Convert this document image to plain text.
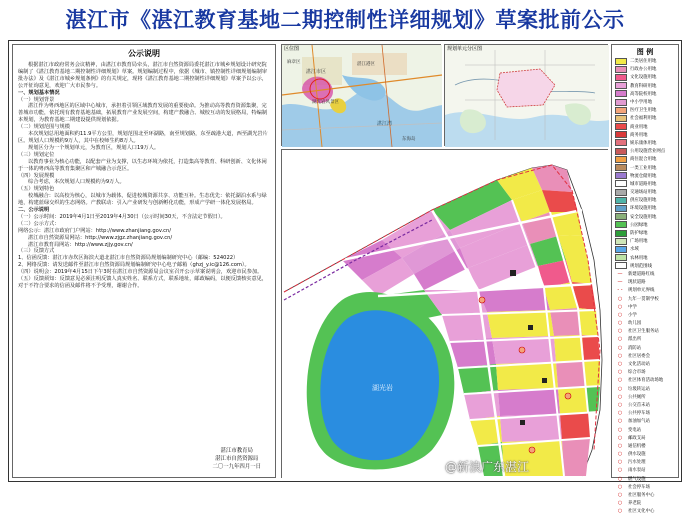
湛江市《湛江教育基地二期控制性详细规划》草案批前公示
公示说明
根据湛江市政府常务会议精神，由湛江市教育局牵头，湛江市自然资源局委托湛江市城乡规划设计研究院编制了《湛江教育基地二期控制性详细规划》草案。规划编制过程中，依据《城市、镇控制性详细规划编制审批办法》及《湛江市城乡规划条例》的有关规定，现将《湛江教育基地二期控制性详细规划》草案予以公示，公开征询意见，欢迎广大市民参与。
一、规划基本情况
（一）规划背景
湛江作为粤西地区的区域中心城市，承担着引领区域教育发展的重要使命。为推动高等教育资源集聚，完善城市功能，依托现有教育基地基础，拓展教育产业发展空间，构建产教融合、城校互动的发展格局，特编制本规划，为教育基地二期建设提供规划依据。
（二）规划范围与规模
本次规划总用地面积约11.9平方公里，规划范围北至环湖路，南至规划路，东至疏港大道，西至湖光岩片区。规划人口规模约9万人，其中在校师生约8万人。
规划区分为一个规划单元，为教育区，规划人口19万人。
（三）规划定位
以教育事业为核心功能，以配套产业为支撑，以生态环境为依托，打造集高等教育、科研创新、文化休闲于一体的粤西高等教育集聚区和产城融合示范区。
（四）发展规模
综合考虑，本次规划人口规模约为9万人。
（五）规划特色
校城融合：以高校为核心，以城市为载体，促进校城资源共享、功能互补。生态优先：依托湖泊水系与绿地，构建蓝绿交织的生态网络。产教联动：引入产业研发与创新孵化功能，形成产学研一体化发展格局。
二、公示说明
（一）公示时间：2019年4月1日至2019年4月30日（公示时间30天，不含法定节假日）。
（二）公示方式：
网络公示：湛江市政府门户网站：http://www.zhanjiang.gov.cn/
湛江市自然资源局网站：http://www.zjgz.zhanjiang.gov.cn/
湛江市教育局网站：http://www.zjjy.gov.cn/
（三）反馈方式
1、信函反馈：湛江市赤坎区海滨大道北湛江市自然资源局规划编制研究中心（邮编：524022）
2、网络反馈：请发送邮件至湛江市自然资源局规划编制研究中心电子邮箱（ghzj_y.ic@126.com）。
（四）说明会：2019年4月15日下午3时在湛江市自然资源局会议室召开公示草案说明会，欢迎市民参加。
（五）反馈须知：反馈意见必须注明反馈人真实姓名、联系方式，联系地址，邮政编码，以便反馈核实意见，对于不符合要求的信函及邮件将不予受理，谢谢合作。
湛江市教育局
湛江市自然资源局
二〇一九年四月一日
湛江市区
湖光岩风景区
湛江湾
湛江港区
麻章区
东海岛
区位图	规划单元分区图
湖光岩
图 例
二类居住用地
行政办公用地
文化设施用地
教育科研用地
高等院校用地
中小学用地
医疗卫生用地
社会福利用地
商业用地
商务用地
娱乐康体用地
公用设施营业网点
商住混合用地
一类工业用地
物流仓储用地
城市道路用地
交通场站用地
供应设施用地
环境设施用地
安全设施用地
公园绿地
防护绿地
广场用地
水域
农林用地
规划范围线
—	新建道路红线
—	现状道路
- -	规划单元界线
○	九年一贯制学校
○	中学
○	小学
○	幼儿园
○	社区卫生服务站
○	派出所
○	消防站
○	社区居委会
○	文化活动站
○	综合市场
○	社区体育活动场地
○	垃圾转运站
○	公共厕所
○	公交首末站
○	公共停车场
○	加油加气站
○	变电站
○	邮政支局
○	通信机楼
○	供水设施
○	污水处理
○	雨水泵站
○	燃气设施
○	社会停车场
○	社区服务中心
○	养老院
○	社区文化中心
@新浪广东湛江
